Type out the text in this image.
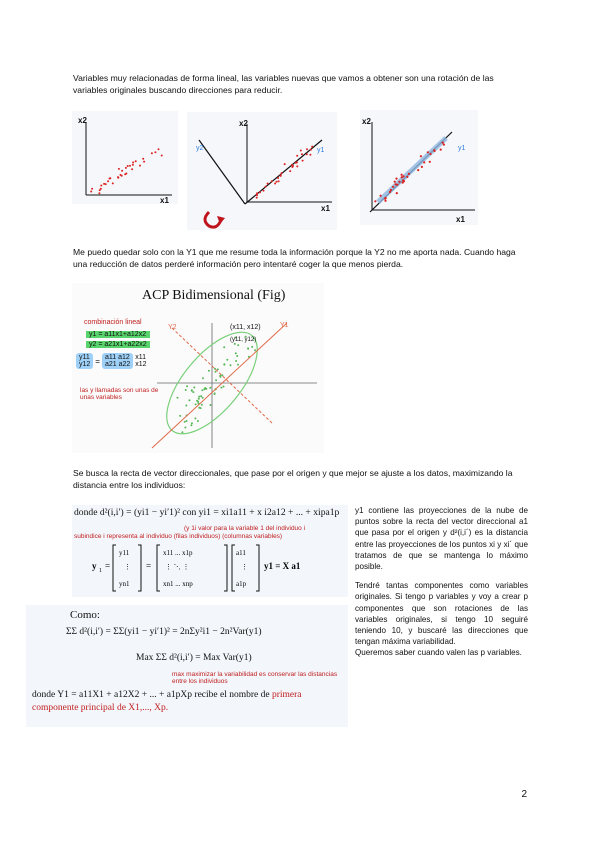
Variables muy relacionadas de forma lineal, las variables nuevas que vamos a obtener son una rotación de las variables originales buscando direcciones para reducir.
x2
x1
x2
x1
y1
y2
x2
x1
y1
Me puedo quedar solo con la Y1 que me resume toda la información porque la Y2 no me aporta nada. Cuando haga una reducción de datos perderé información pero intentaré coger la que menos pierda.
ACP Bidimensional (Fig)
Y2	Y1
(x11, x12)
(y11, y12)
combinación lineal
y1 = a11x1+a12x2
y2 = a21x1+a22x2
y11
y12 = a11 a12
a21 a22
x11
x12
las y llamadas son unas de unas variables
Se busca la recta de vector direccionales, que pase por el origen y que mejor se ajuste a los datos, maximizando la distancia entre los individuos:
donde d²(i,i′) = (yi1 − yi′1)² con yi1 = xi1a11 + x i2a12 + ... + xipa1p
(y 1i valor para la variable 1 del individuo i
subindice i representa al individuo (filas individuos) (columnas variables)
y 1 =
y11
⋮
yn1
=
x11 ... x1p
⋮ ⋱ ⋮
xn1 ... xnp
a11
⋮
a1p
y1 = X a1

y1 contiene las proyecciones de la nube de puntos sobre la recta del vector direccional a1 que pasa por el origen y d²(i,i´) es la distancia entre las proyecciones de los puntos xi y xi´ que tratamos de que se mantenga lo máximo posible.

Tendré tantas componentes como variables originales. Si tengo p variables y voy a crear p componentes que son rotaciones de las variables originales, si tengo 10 seguiré teniendo 10, y buscaré las direcciones que tengan máxima variabilidad.

Queremos saber cuando valen las p variables.

Como:
ΣΣ d²(i,i′) = ΣΣ(yi1 − yi′1)² = 2nΣy²i1 − 2n²Var(y1)
Max ΣΣ d²(i,i′) = Max Var(y1)
max maximizar la variabilidad es conservar las distancias entre los individuos
donde Y1 = a11X1 + a12X2 + ... + a1pXp recibe el nombre de primera componente principal de X1,..., Xp.
2
